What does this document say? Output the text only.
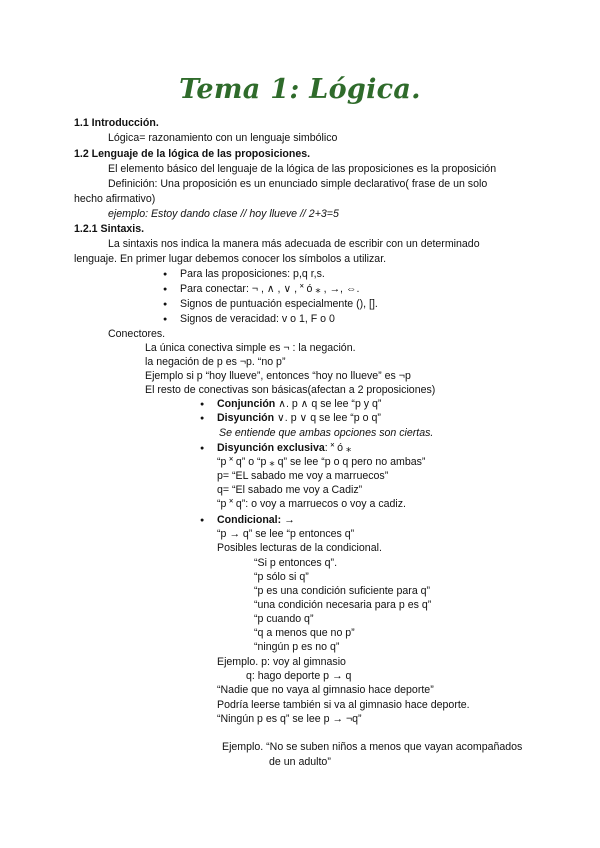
Tema 1: Lógica.
1.1 Introducción.
Lógica= razonamiento con un lenguaje simbólico
1.2 Lenguaje de la lógica de las proposiciones.
El elemento básico del lenguaje de la lógica de las proposiciones es la proposición
Definición: Una proposición es un enunciado simple declarativo( frase de un solo
hecho afirmativo)
ejemplo: Estoy dando clase // hoy llueve // 2+3=5
1.2.1 Sintaxis.
La sintaxis nos indica la manera más adecuada de escribir con un determinado
lenguaje. En primer lugar debemos conocer los símbolos a utilizar.
● Para las proposiciones: p,q r,s.
● Para conectar: ¬ , ∧ , ∨ , ˟ ó ⁎ , →, ⇔.
● Signos de puntuación especialmente (), [].
● Signos de veracidad: v o 1, F o 0
Conectores.
La única conectiva simple es ¬ : la negación.
la negación de p es ¬p. “no p”
Ejemplo si p “hoy llueve”, entonces “hoy no llueve” es ¬p
El resto de conectivas son básicas(afectan a 2 proposiciones)
● Conjunción ∧. p ∧ q se lee “p y q”
● Disyunción ∨. p ∨ q se lee “p o q”
Se entiende que ambas opciones son ciertas.
● Disyunción exclusiva: ˟ ó ⁎
“p ˟ q” o “p ⁎ q” se lee “p o q pero no ambas”
p= “EL sabado me voy a marruecos”
q= “El sabado me voy a Cadiz”
“p ˟ q”: o voy a marruecos o voy a cadiz.
● Condicional: →
“p → q” se lee “p entonces q”
Posibles lecturas de la condicional.
“Si p entonces q”.
“p sólo si q”
“p es una condición suficiente para q”
“una condición necesaria para p es q”
“p cuando q”
“q a menos que no p”
“ningún p es no q”
Ejemplo. p: voy al gimnasio
q: hago deporte p → q
“Nadie que no vaya al gimnasio hace deporte”
Podría leerse también si va al gimnasio hace deporte.
“Ningún p es q” se lee p → ¬q”
Ejemplo. “No se suben niños a menos que vayan acompañados
de un adulto”
